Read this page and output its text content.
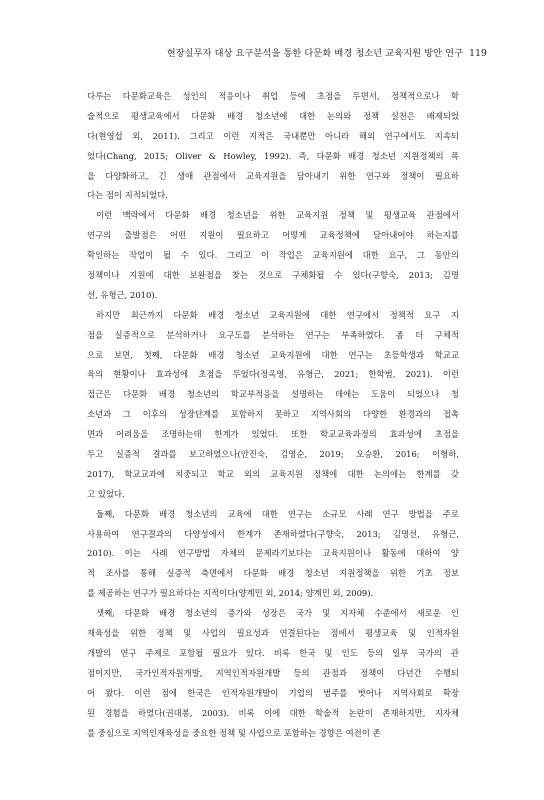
현장실무자 대상 요구분석을 통한 다문화 배경 청소년 교육지원 방안 연구 119
다루는 다문화교육은 성인의 적응이나 취업 등에 초점을 두면서, 정책적으로나 학
술적으로 평생교육에서 다문화 배경 청소년에 대한 논의와 정책 실천은 배제되었
다(현영섭 외, 2011). 그리고 이런 지적은 국내뿐만 아니라 해외 연구에서도 지속되
었다(Chang, 2015; Oliver & Howley, 1992). 즉, 다문화 배경 청소년 지원정책의 폭
을 다양화하고, 긴 생애 관점에서 교육지원을 담아내기 위한 연구와 정책이 필요하
다는 점이 지적되었다.
이런 맥락에서 다문화 배경 청소년을 위한 교육지원 정책 및 평생교육 관점에서
연구의 출발점은 어떤 지원이 필요하고 어떻게 교육정책에 담아내어야 하는지를
확인하는 작업이 될 수 있다. 그리고 이 작업은 교육지원에 대한 요구, 그 동안의
정책이나 지원에 대한 보완점을 찾는 것으로 구체화될 수 있다(구향숙, 2013; 김명
선, 유형근, 2010).
하지만 최근까지 다문화 배경 청소년 교육지원에 대한 연구에서 정책적 요구 지
점을 실증적으로 분석하거나 요구도를 분석하는 연구는 부족하였다. 좀 더 구체적
으로 보면, 첫째, 다문화 배경 청소년 교육지원에 대한 연구는 초등학생과 학교교
육의 현황이나 효과성에 초점을 두었다(정옥영, 유형근, 2021; 한학범, 2021). 이런
접근은 다문화 배경 청소년의 학교부적응을 설명하는 데에는 도움이 되었으나 청
소년과 그 이후의 성장단계를 포함하지 못하고 지역사회의 다양한 환경과의 접촉
면과 어려움을 조명하는데 한계가 있었다. 또한 학교교육과정의 효과성에 초점을
두고 실증적 결과를 보고하였으나(안진숙, 김영순, 2019; 오승환, 2016; 이형하,
2017), 학교교과에 치중되고 학교 외의 교육지원 정책에 대한 논의에는 한계를 갖
고 있었다.
둘째, 다문화 배경 청소년의 교육에 대한 연구는 소규모 사례 연구 방법을 주로
사용하여 연구결과의 다양성에서 한계가 존재하였다(구향숙, 2013; 김명선, 유형근,
2010). 이는 사례 연구방법 자체의 문제라기보다는 교육지원이나 활동에 대하여 양
적 조사를 통해 실증적 측면에서 다문화 배경 청소년 지원정책을 위한 기초 정보
를 제공하는 연구가 필요하다는 지적이다(양계민 외, 2014; 양계민 외, 2009).
셋째, 다문화 배경 청소년의 증가와 성장은 국가 및 지자체 수준에서 새로운 인
재육성을 위한 정책 및 사업의 필요성과 연결된다는 점에서 평생교육 및 인적자원
개발의 연구 주제로 포함될 필요가 있다. 비록 한국 및 인도 등의 일부 국가의 관
점이지만, 국가인적자원개발, 지역인적자원개발 등의 관점과 정책이 다년간 수행되
어 왔다. 이런 점에 한국은 인적자원개발이 기업의 범주를 벗어나 지역사회로 확장
된 경험을 하였다(권대봉, 2003). 비록 이에 대한 학술적 논란이 존재하지만, 지자체
를 중심으로 지역인재육성을 중요한 정책 및 사업으로 포함하는 경향은 여전이 존
